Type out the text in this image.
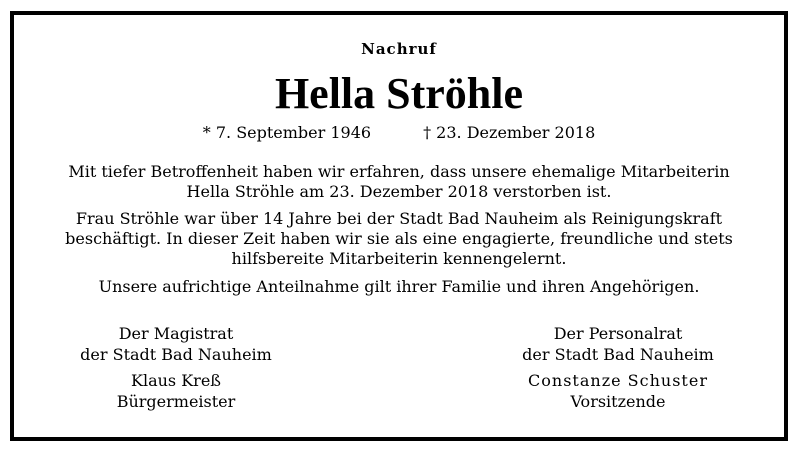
Nachruf
Hella Ströhle
* 7. September 1946	† 23. Dezember 2018
Mit tiefer Betroffenheit haben wir erfahren, dass unsere ehemalige Mitarbeiterin
Hella Ströhle am 23. Dezember 2018 verstorben ist.
Frau Ströhle war über 14 Jahre bei der Stadt Bad Nauheim als Reinigungskraft
beschäftigt. In dieser Zeit haben wir sie als eine engagierte, freundliche und stets
hilfsbereite Mitarbeiterin kennengelernt.
Unsere aufrichtige Anteilnahme gilt ihrer Familie und ihren Angehörigen.
Der Magistrat
der Stadt Bad Nauheim
Klaus Kreß
Bürgermeister
Der Personalrat
der Stadt Bad Nauheim
Constanze Schuster
Vorsitzende
